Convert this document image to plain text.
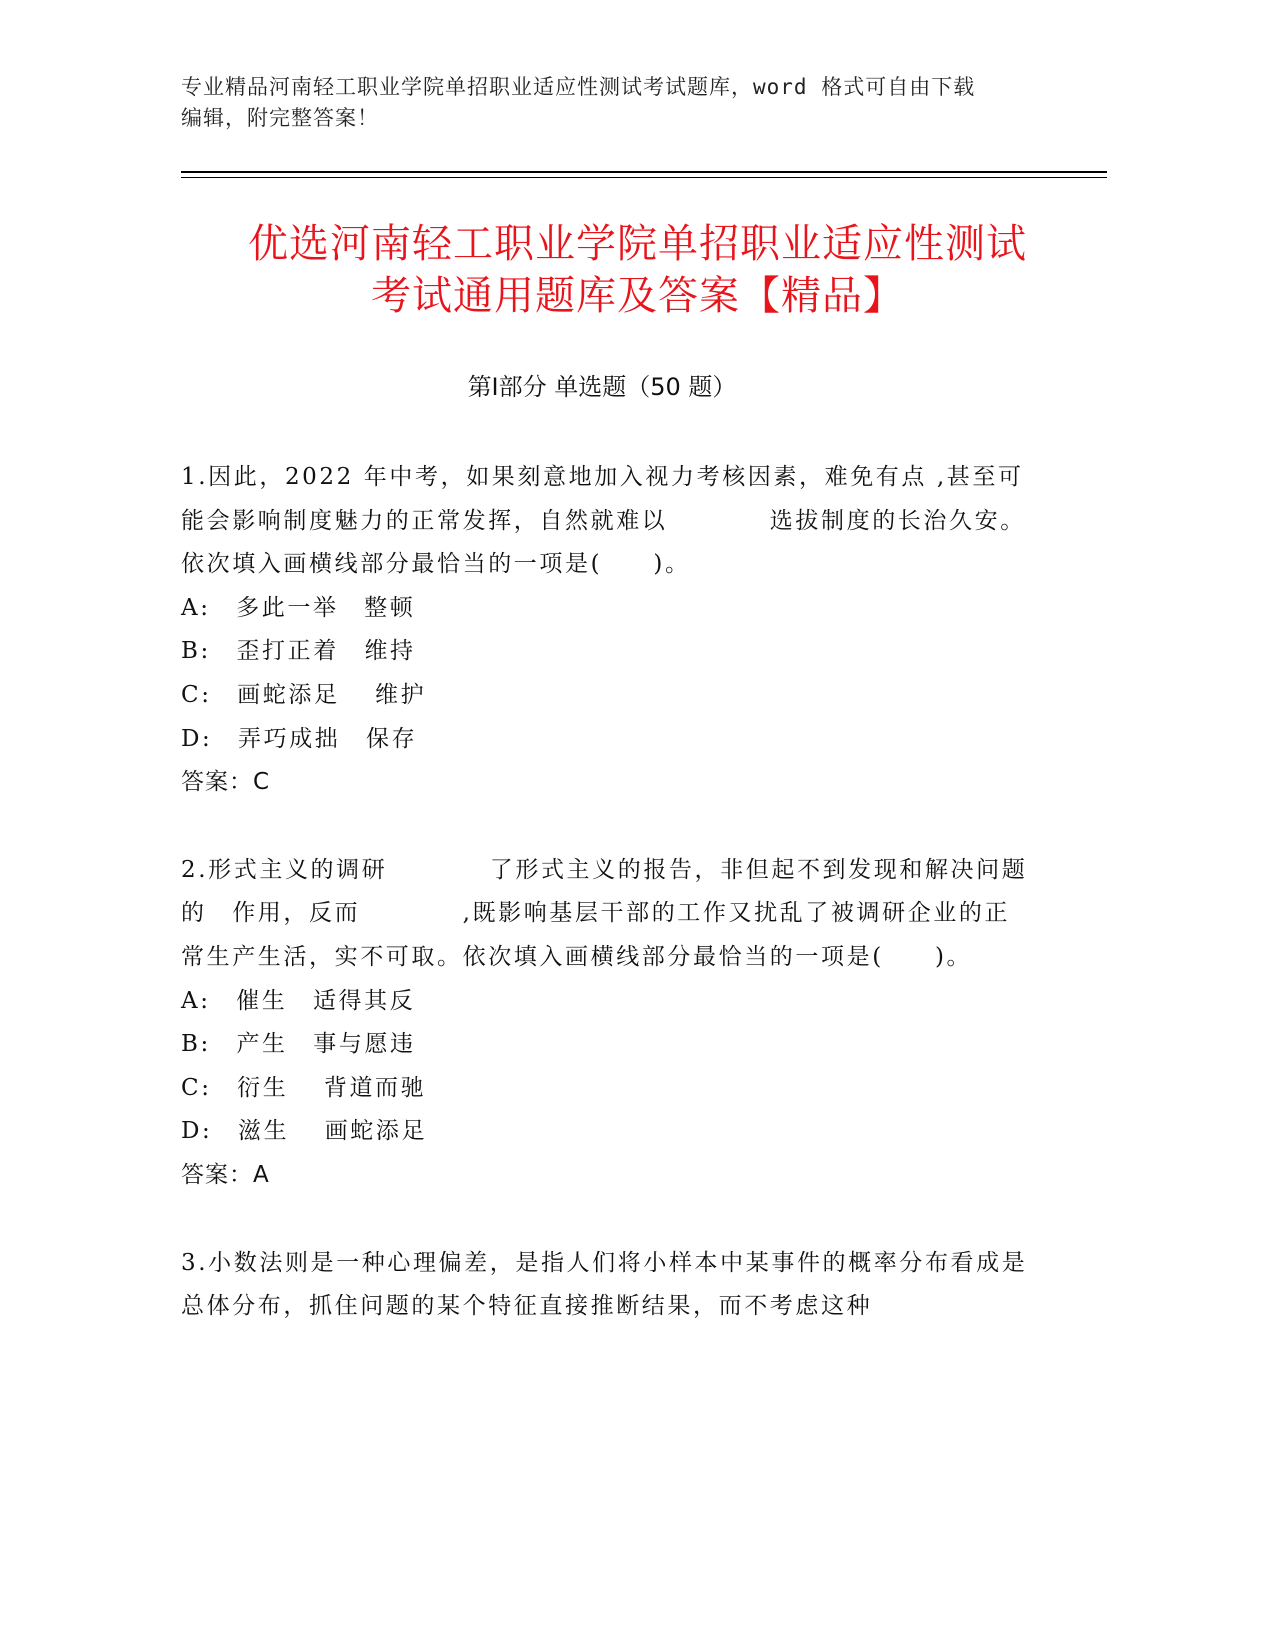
专业精品河南轻工职业学院单招职业适应性测试考试题库，word 格式可自由下载
编辑，附完整答案！
优选河南轻工职业学院单招职业适应性测试
考试通用题库及答案【精品】
第Ⅰ部分 单选题（50 题）

1.因此，2022 年中考，如果刻意地加入视力考核因素，难免有点 ,甚至可能会影响制度魅力的正常发挥，自然就难以　　　　选拔制度的长治久安。依次填入画横线部分最恰当的一项是(　　)。

A:　多此一举　整顿

B:　歪打正着　维持

C:　画蛇添足　 维护

D:　弄巧成拙　保存

答案：C

2.形式主义的调研　　　　了形式主义的报告，非但起不到发现和解决问题的　作用，反而　　　　,既影响基层干部的工作又扰乱了被调研企业的正常生产生活，实不可取。依次填入画横线部分最恰当的一项是(　　)。

A:　催生　适得其反

B:　产生　事与愿违

C:　衍生　 背道而驰

D:　滋生　 画蛇添足

答案：A

3.小数法则是一种心理偏差，是指人们将小样本中某事件的概率分布看成是总体分布，抓住问题的某个特征直接推断结果，而不考虑这种
